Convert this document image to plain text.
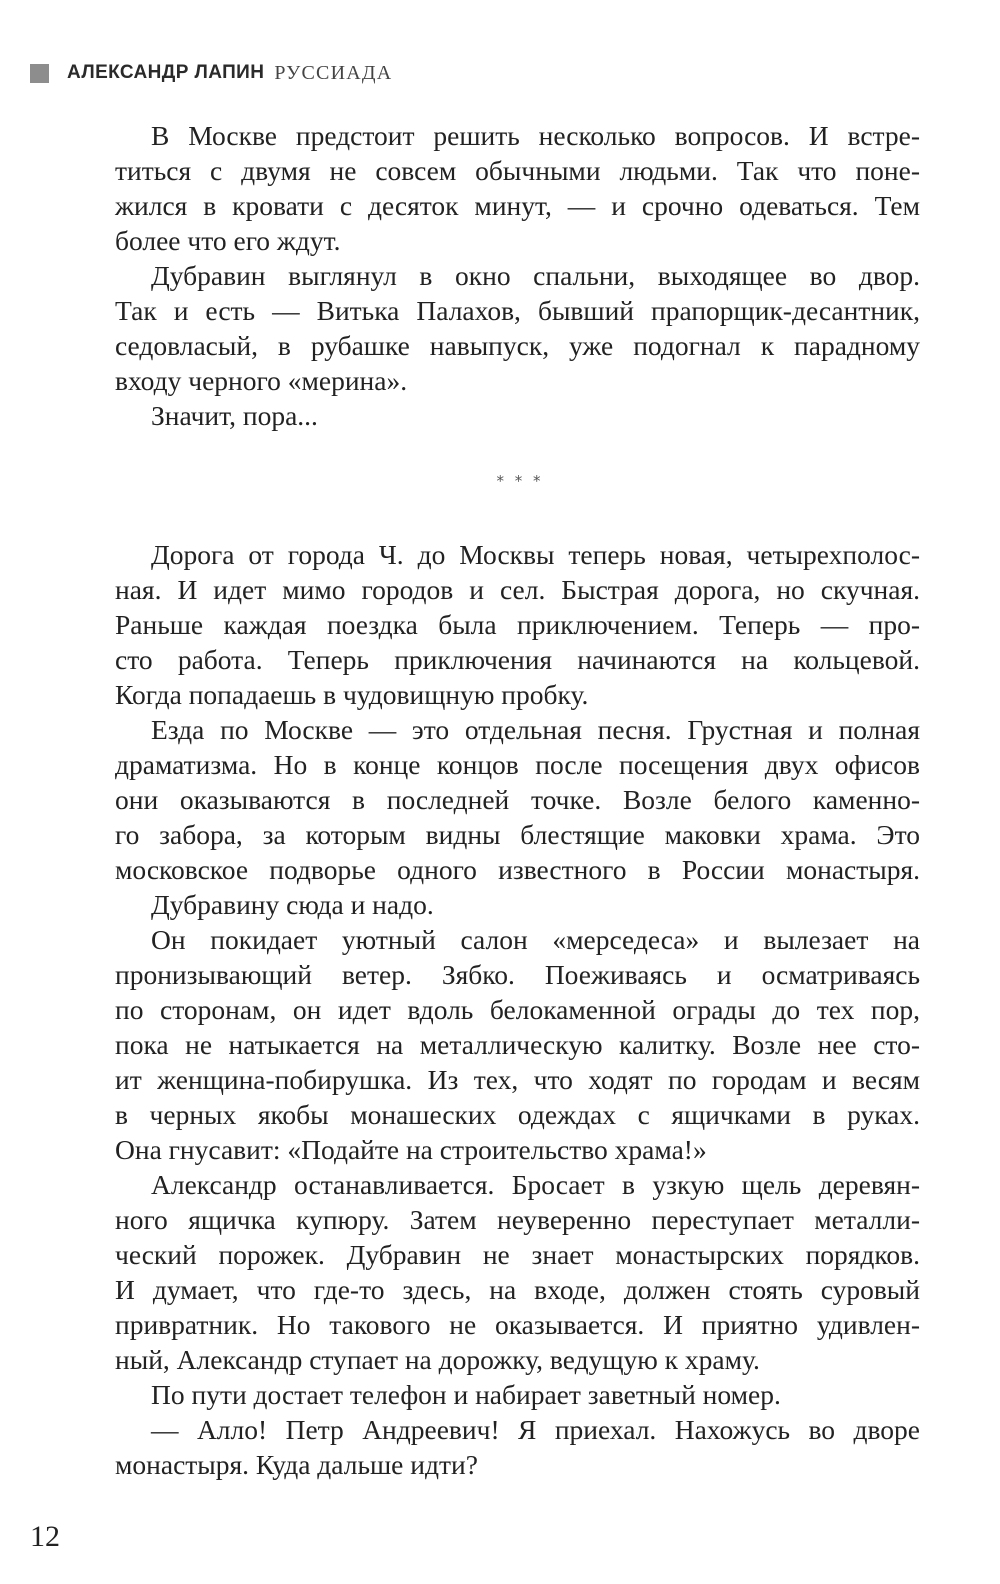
АЛЕКСАНДР ЛАПИН РУССИАДА
В Москве предстоит решить несколько вопросов. И встре-
титься с двумя не совсем обычными людьми. Так что поне-
жился в кровати с десяток минут, — и срочно одеваться. Тем
более что его ждут.
Дубравин выглянул в окно спальни, выходящее во двор.
Так и есть — Витька Палахов, бывший прапорщик-десантник,
седовласый, в рубашке навыпуск, уже подогнал к парадному
входу черного «мерина».
Значит, пора...
* * *
Дорога от города Ч. до Москвы теперь новая, четырехполос-
ная. И идет мимо городов и сел. Быстрая дорога, но скучная.
Раньше каждая поездка была приключением. Теперь — про-
сто работа. Теперь приключения начинаются на кольцевой.
Когда попадаешь в чудовищную пробку.
Езда по Москве — это отдельная песня. Грустная и полная
драматизма. Но в конце концов после посещения двух офисов
они оказываются в последней точке. Возле белого каменно-
го забора, за которым видны блестящие маковки храма. Это
московское подворье одного известного в России монастыря.
Дубравину сюда и надо.
Он покидает уютный салон «мерседеса» и вылезает на
пронизывающий ветер. Зябко. Поеживаясь и осматриваясь
по сторонам, он идет вдоль белокаменной ограды до тех пор,
пока не натыкается на металлическую калитку. Возле нее сто-
ит женщина-побирушка. Из тех, что ходят по городам и весям
в черных якобы монашеских одеждах с ящичками в руках.
Она гнусавит: «Подайте на строительство храма!»
Александр останавливается. Бросает в узкую щель деревян-
ного ящичка купюру. Затем неуверенно переступает металли-
ческий порожек. Дубравин не знает монастырских порядков.
И думает, что где-то здесь, на входе, должен стоять суровый
привратник. Но такового не оказывается. И приятно удивлен-
ный, Александр ступает на дорожку, ведущую к храму.
По пути достает телефон и набирает заветный номер.
— Алло! Петр Андреевич! Я приехал. Нахожусь во дворе
монастыря. Куда дальше идти?
12
